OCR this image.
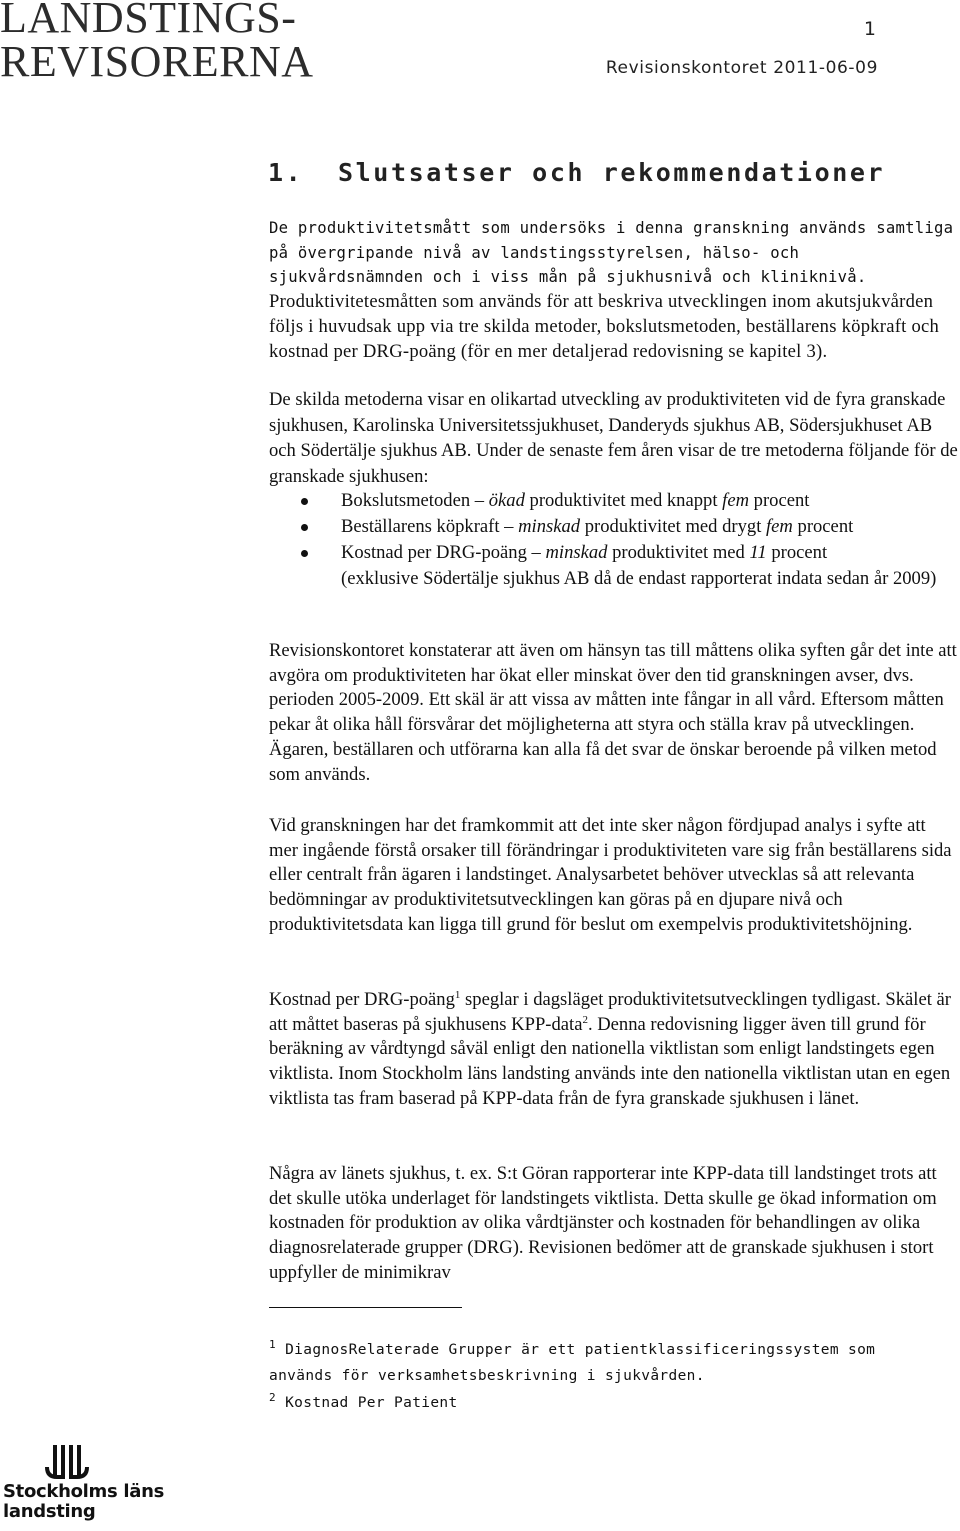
LANDSTINGS-
REVISORERNA
1
Revisionskontoret 2011-06-09
1. Slutsatser och rekommendationer

De produktivitetsmått som undersöks i denna granskning används samtliga på övergripande nivå av landstingsstyrelsen, hälso- och sjukvårdsnämnden och i viss mån på sjukhusnivå och kliniknivå. Produktivitetesmåtten som används för att beskriva utvecklingen inom akutsjukvården följs i huvudsak upp via tre skilda metoder, bokslutsmetoden, beställarens köpkraft och kostnad per DRG-poäng (för en mer detaljerad redovisning se kapitel 3).

De skilda metoderna visar en olikartad utveckling av produktiviteten vid de fyra granskade sjukhusen, Karolinska Universitetssjukhuset, Danderyds sjukhus AB, Södersjukhuset AB och Södertälje sjukhus AB. Under de senaste fem åren visar de tre metoderna följande för de granskade sjukhusen:

Bokslutsmetoden – ökad produktivitet med knappt fem procent
Beställarens köpkraft – minskad produktivitet med drygt fem procent
Kostnad per DRG-poäng – minskad produktivitet med 11 procent
(exklusive Södertälje sjukhus AB då de endast rapporterat indata sedan år 2009)

Revisionskontoret konstaterar att även om hänsyn tas till måttens olika syften går det inte att avgöra om produktiviteten har ökat eller minskat över den tid granskningen avser, dvs. perioden 2005-2009. Ett skäl är att vissa av måtten inte fångar in all vård. Eftersom måtten pekar åt olika håll försvårar det möjligheterna att styra och ställa krav på utvecklingen. Ägaren, beställaren och utförarna kan alla få det svar de önskar beroende på vilken metod som används.

Vid granskningen har det framkommit att det inte sker någon fördjupad analys i syfte att mer ingående förstå orsaker till förändringar i produktiviteten vare sig från beställarens sida eller centralt från ägaren i landstinget. Analysarbetet behöver utvecklas så att relevanta bedömningar av produktivitetsutvecklingen kan göras på en djupare nivå och produktivitetsdata kan ligga till grund för beslut om exempelvis produktivitetshöjning.

Kostnad per DRG-poäng$^1$ speglar i dagsläget produktivitetsutvecklingen tydligast. Skälet är att måttet baseras på sjukhusens KPP-data$^2$. Denna redovisning ligger även till grund för beräkning av vårdtyngd såväl enligt den nationella viktlistan som enligt landstingets egen viktlista. Inom Stockholm läns landsting används inte den nationella viktlistan utan en egen viktlista tas fram baserad på KPP-data från de fyra granskade sjukhusen i länet.

Några av länets sjukhus, t. ex. S:t Göran rapporterar inte KPP-data till landstinget trots att det skulle utöka underlaget för landstingets viktlista. Detta skulle ge ökad information om kostnaden för produktion av olika vårdtjänster och kostnaden för behandlingen av olika diagnosrelaterade grupper (DRG). Revisionen bedömer att de granskade sjukhusen i stort uppfyller de minimikrav

$^1$ DiagnosRelaterade Grupper är ett patientklassificeringssystem som används för verksamhetsbeskrivning i sjukvården.
$^2$ Kostnad Per Patient
Stockholms läns
landsting
